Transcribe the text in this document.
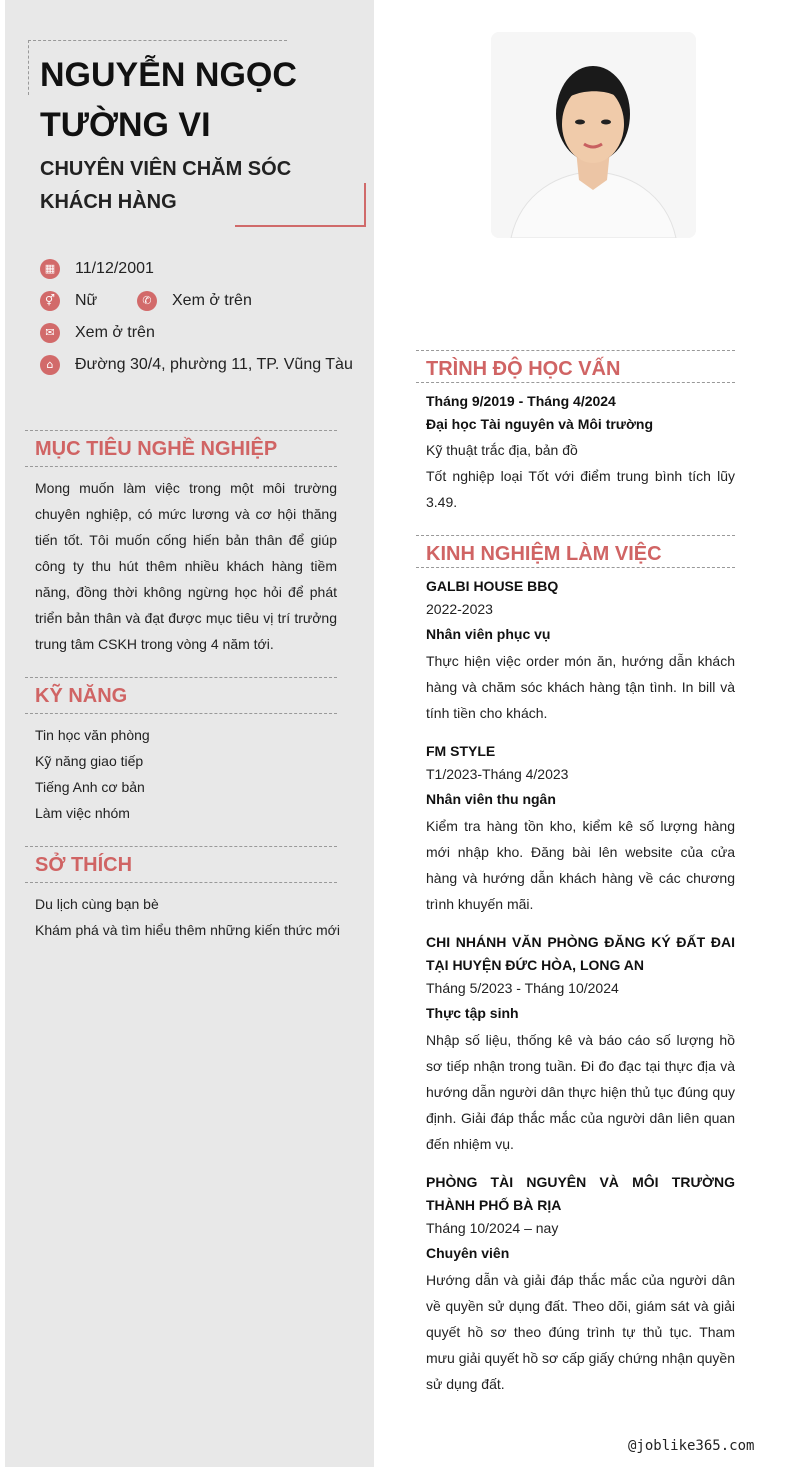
NGUYỄN NGỌC TƯỜNG VI
CHUYÊN VIÊN CHĂM SÓC KHÁCH HÀNG
▦ 11/12/2001
⚥	Nữ	✆	Xem ở trên
✉	Xem ở trên
⌂	Đường 30/4, phường 11, TP. Vũng Tàu
MỤC TIÊU NGHỀ NGHIỆP

Mong muốn làm việc trong một môi trường chuyên nghiệp, có mức lương và cơ hội thăng tiến tốt. Tôi muốn cống hiến bản thân để giúp công ty thu hút thêm nhiều khách hàng tiềm năng, đồng thời không ngừng học hỏi để phát triển bản thân và đạt được mục tiêu vị trí trưởng trung tâm CSKH trong vòng 4 năm tới.

KỸ NĂNG

Tin học văn phòng

Kỹ năng giao tiếp

Tiếng Anh cơ bản

Làm việc nhóm

SỞ THÍCH

Du lịch cùng bạn bè

Khám phá và tìm hiểu thêm những kiến thức mới

TRÌNH ĐỘ HỌC VẤN

Tháng 9/2019 - Tháng 4/2024

Đại học Tài nguyên và Môi trường

Kỹ thuật trắc địa, bản đồ

Tốt nghiệp loại Tốt với điểm trung bình tích lũy 3.49.

KINH NGHIỆM LÀM VIỆC

GALBI HOUSE BBQ

2022-2023

Nhân viên phục vụ

Thực hiện việc order món ăn, hướng dẫn khách hàng và chăm sóc khách hàng tận tình. In bill và tính tiền cho khách.

FM STYLE

T1/2023-Tháng 4/2023

Nhân viên thu ngân

Kiểm tra hàng tồn kho, kiểm kê số lượng hàng mới nhập kho. Đăng bài lên website của cửa hàng và hướng dẫn khách hàng về các chương trình khuyến mãi.

CHI NHÁNH VĂN PHÒNG ĐĂNG KÝ ĐẤT ĐAI TẠI HUYỆN ĐỨC HÒA, LONG AN

Tháng 5/2023 - Tháng 10/2024

Thực tập sinh

Nhập số liệu, thống kê và báo cáo số lượng hồ sơ tiếp nhận trong tuần. Đi đo đạc tại thực địa và hướng dẫn người dân thực hiện thủ tục đúng quy định. Giải đáp thắc mắc của người dân liên quan đến nhiệm vụ.

PHÒNG TÀI NGUYÊN VÀ MÔI TRƯỜNG THÀNH PHỐ BÀ RỊA

Tháng 10/2024 – nay

Chuyên viên

Hướng dẫn và giải đáp thắc mắc của người dân về quyền sử dụng đất. Theo dõi, giám sát và giải quyết hồ sơ theo đúng trình tự thủ tục. Tham mưu giải quyết hồ sơ cấp giấy chứng nhận quyền sử dụng đất.

@joblike365.com
